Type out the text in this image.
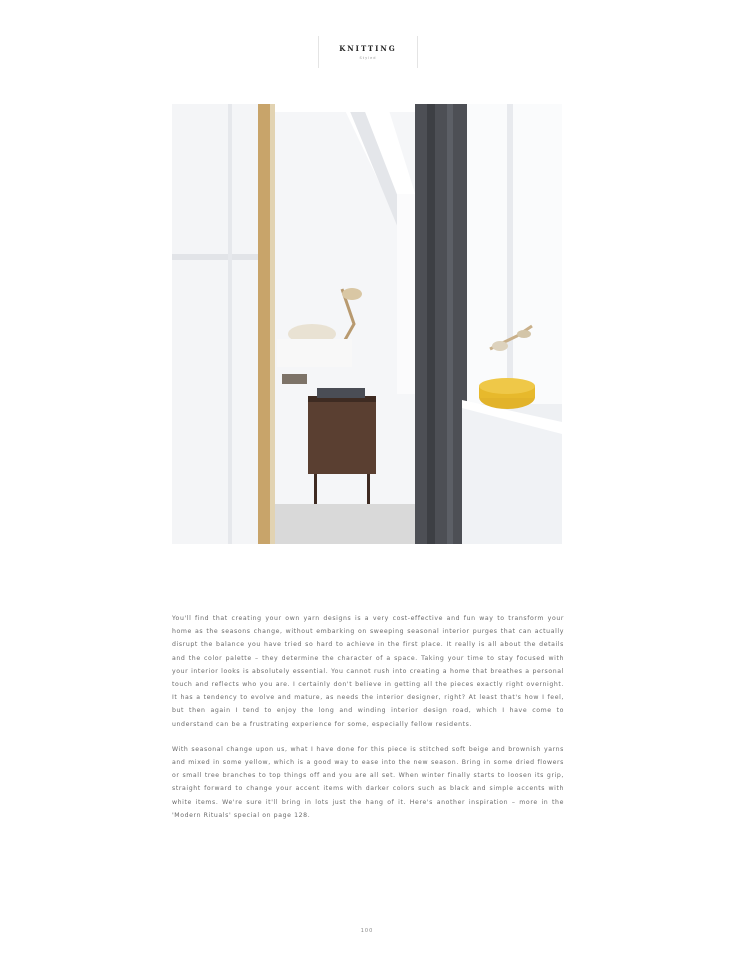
KNITTING
Styled

You'll find that creating your own yarn designs is a very cost-effective and fun way to transform your home as the seasons change, without embarking on sweeping seasonal interior purges that can actually disrupt the balance you have tried so hard to achieve in the first place. It really is all about the details and the color palette – they determine the character of a space. Taking your time to stay focused with your interior looks is absolutely essential. You cannot rush into creating a home that breathes a personal touch and reflects who you are. I certainly don't believe in getting all the pieces exactly right overnight. It has a tendency to evolve and mature, as needs the interior designer, right? At least that's how I feel, but then again I tend to enjoy the long and winding interior design road, which I have come to understand can be a frustrating experience for some, especially fellow residents.

With seasonal change upon us, what I have done for this piece is stitched soft beige and brownish yarns and mixed in some yellow, which is a good way to ease into the new season. Bring in some dried flowers or small tree branches to top things off and you are all set. When winter finally starts to loosen its grip, straight forward to change your accent items with darker colors such as black and simple accents with white items. We're sure it'll bring in lots just the hang of it. Here's another inspiration – more in the 'Modern Rituals' special on page 128.

100
